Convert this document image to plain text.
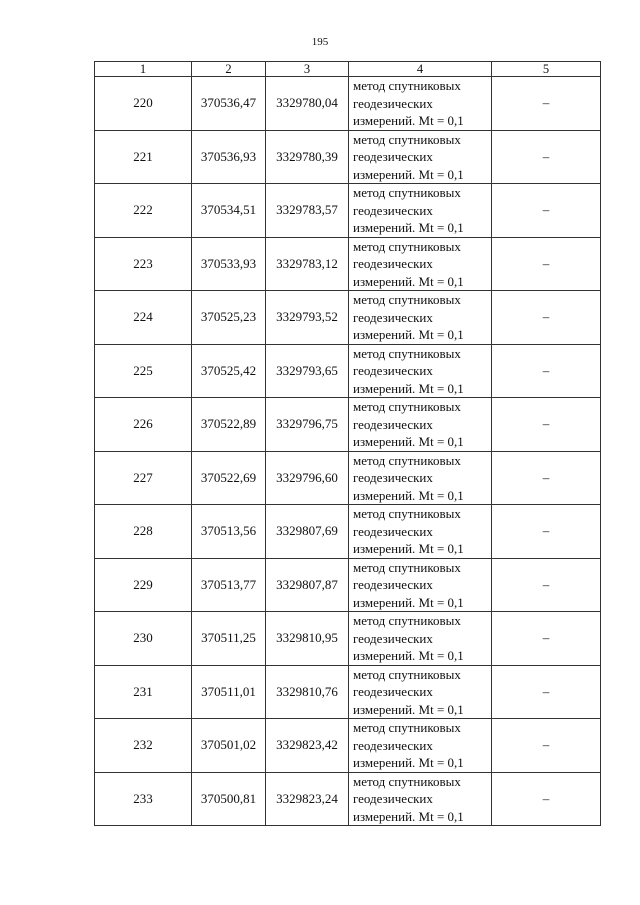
195
1	2	3	4	5
220	370536,47	3329780,04	метод спутниковых
геодезических
измерений. Mt = 0,1	–
221	370536,93	3329780,39	метод спутниковых
геодезических
измерений. Mt = 0,1	–
222	370534,51	3329783,57	метод спутниковых
геодезических
измерений. Mt = 0,1	–
223	370533,93	3329783,12	метод спутниковых
геодезических
измерений. Mt = 0,1	–
224	370525,23	3329793,52	метод спутниковых
геодезических
измерений. Mt = 0,1	–
225	370525,42	3329793,65	метод спутниковых
геодезических
измерений. Mt = 0,1	–
226	370522,89	3329796,75	метод спутниковых
геодезических
измерений. Mt = 0,1	–
227	370522,69	3329796,60	метод спутниковых
геодезических
измерений. Mt = 0,1	–
228	370513,56	3329807,69	метод спутниковых
геодезических
измерений. Mt = 0,1	–
229	370513,77	3329807,87	метод спутниковых
геодезических
измерений. Mt = 0,1	–
230	370511,25	3329810,95	метод спутниковых
геодезических
измерений. Mt = 0,1	–
231	370511,01	3329810,76	метод спутниковых
геодезических
измерений. Mt = 0,1	–
232	370501,02	3329823,42	метод спутниковых
геодезических
измерений. Mt = 0,1	–
233	370500,81	3329823,24	метод спутниковых
геодезических
измерений. Mt = 0,1	–
